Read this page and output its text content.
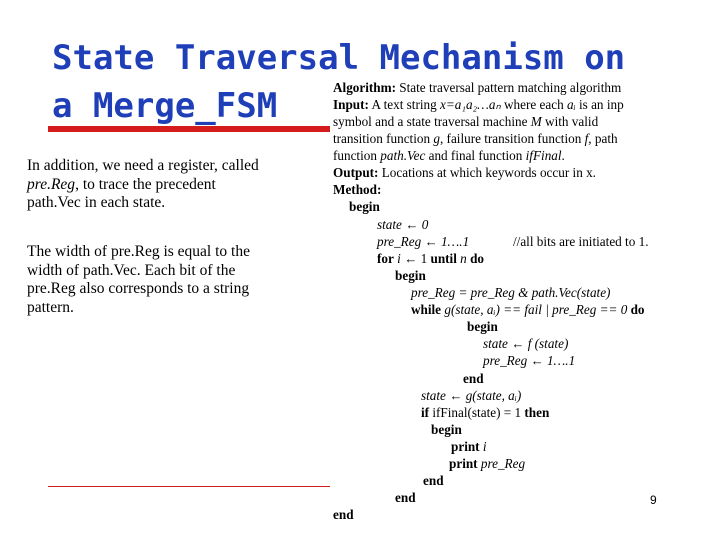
State Traversal Mechanism on
a Merge_FSM

In addition, we need a register, called
pre.Reg, to trace the precedent
path.Vec in each state.

The width of pre.Reg is equal to the
width of path.Vec. Each bit of the
pre.Reg also corresponds to a string
pattern.

Algorithm: State traversal pattern matching algorithm
Input: A text string x=a₁a₂…aₙ where each aᵢ is an inp
symbol and a state traversal machine M with valid
transition function g, failure transition function f, path
function path.Vec and final function ifFinal.
Output: Locations at which keywords occur in x.
Method:
begin
state ← 0
pre_Reg ← 1….1	//all bits are initiated to 1.
for i ← 1 until n do
begin
pre_Reg = pre_Reg & path.Vec(state)
while g(state, aᵢ) == fail | pre_Reg == 0 do
begin
state ← f (state)
pre_Reg ← 1….1
end
state ← g(state, aᵢ)
if ifFinal(state) = 1 then
begin
print i
print pre_Reg
end
end
end
9
